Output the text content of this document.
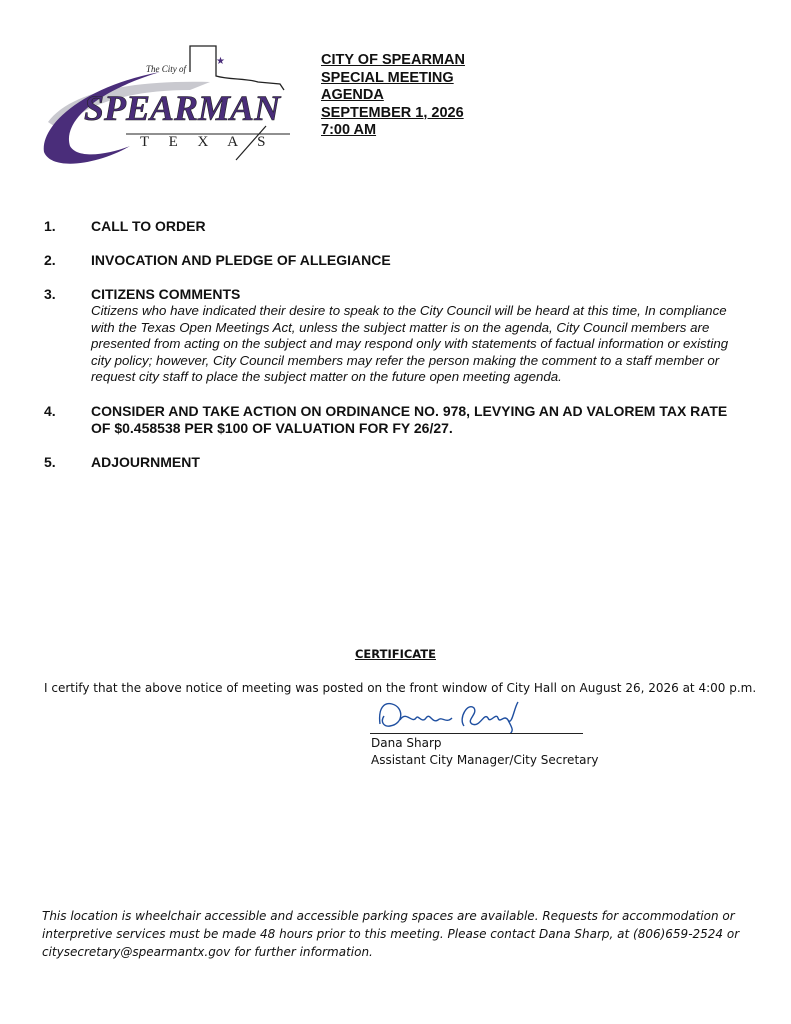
★
The City of
SPEARMAN
T E X A S
CITY OF SPEARMAN
SPECIAL MEETING
AGENDA
SEPTEMBER 1, 2026
7:00 AM
1.	CALL TO ORDER
2.	INVOCATION AND PLEDGE OF ALLEGIANCE
3.	CITIZENS COMMENTS
Citizens who have indicated their desire to speak to the City Council will be heard at this time, In compliance with the Texas Open Meetings Act, unless the subject matter is on the agenda, City Council members are presented from acting on the subject and may respond only with statements of factual information or existing city policy; however, City Council members may refer the person making the comment to a staff member or request city staff to place the subject matter on the future open meeting agenda.
4.	CONSIDER AND TAKE ACTION ON ORDINANCE NO. 978, LEVYING AN AD VALOREM TAX RATE OF $0.458538 PER $100 OF VALUATION FOR FY 26/27.
5.	ADJOURNMENT
CERTIFICATE
I certify that the above notice of meeting was posted on the front window of City Hall on August 26, 2026 at 4:00 p.m.
Dana Sharp
Assistant City Manager/City Secretary
This location is wheelchair accessible and accessible parking spaces are available. Requests for accommodation or interpretive services must be made 48 hours prior to this meeting. Please contact Dana Sharp, at (806)659-2524 or citysecretary@spearmantx.gov for further information.
